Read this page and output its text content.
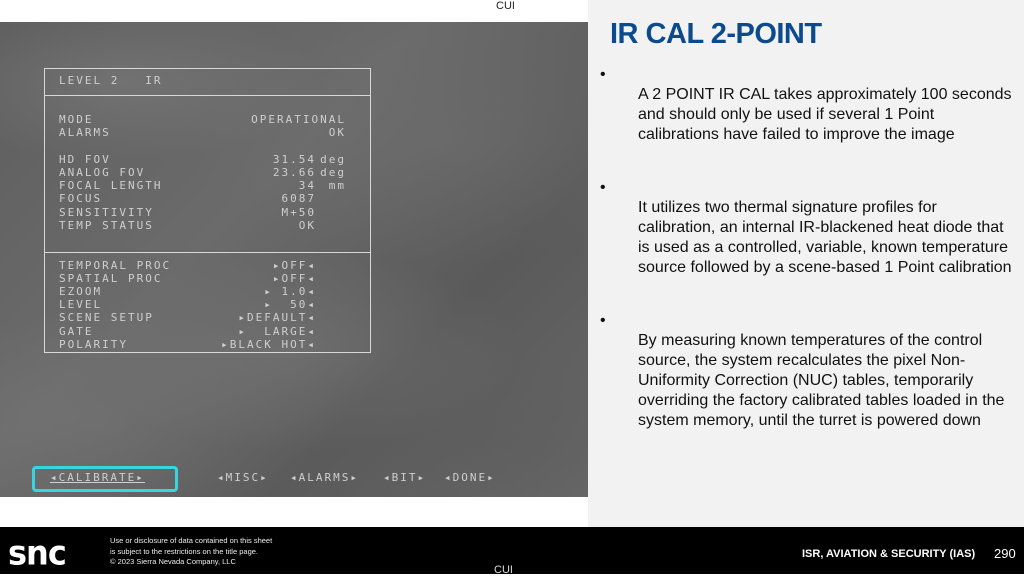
CUI
LEVEL 2   IR
MODE	OPERATIONAL
ALARMS	OK
HD FOV	31.54 deg
ANALOG FOV	23.66 deg
FOCAL LENGTH	34 mm
FOCUS	6087
SENSITIVITY	M+50
TEMP STATUS	OK
TEMPORAL PROC	▸OFF◂
SPATIAL PROC	▸OFF◂
EZOOM	▸ 1.0◂
LEVEL	▸  50◂
SCENE SETUP	▸DEFAULT◂
GATE	▸  LARGE◂
POLARITY	▸BLACK HOT◂
◂CALIBRATE▸	◂MISC▸ ◂ALARMS▸ ◂BIT▸ ◂DONE▸
IR CAL 2-POINT
•
A 2 POINT IR CAL takes approximately 100 seconds and should only be used if several 1 Point calibrations have failed to improve the image
•
It utilizes two thermal signature profiles for calibration, an internal IR-blackened heat diode that is used as a controlled, variable, known temperature source followed by a scene-based 1 Point calibration
•
By measuring known temperatures of the control source, the system recalculates the pixel Non-Uniformity Correction (NUC) tables, temporarily overriding the factory calibrated tables loaded in the system memory, until the turret is powered down
snc	Use or disclosure of data contained on this sheet
is subject to the restrictions on the title page.
© 2023 Sierra Nevada Company, LLC
ISR, AVIATION & SECURITY (IAS) 290
CUI
